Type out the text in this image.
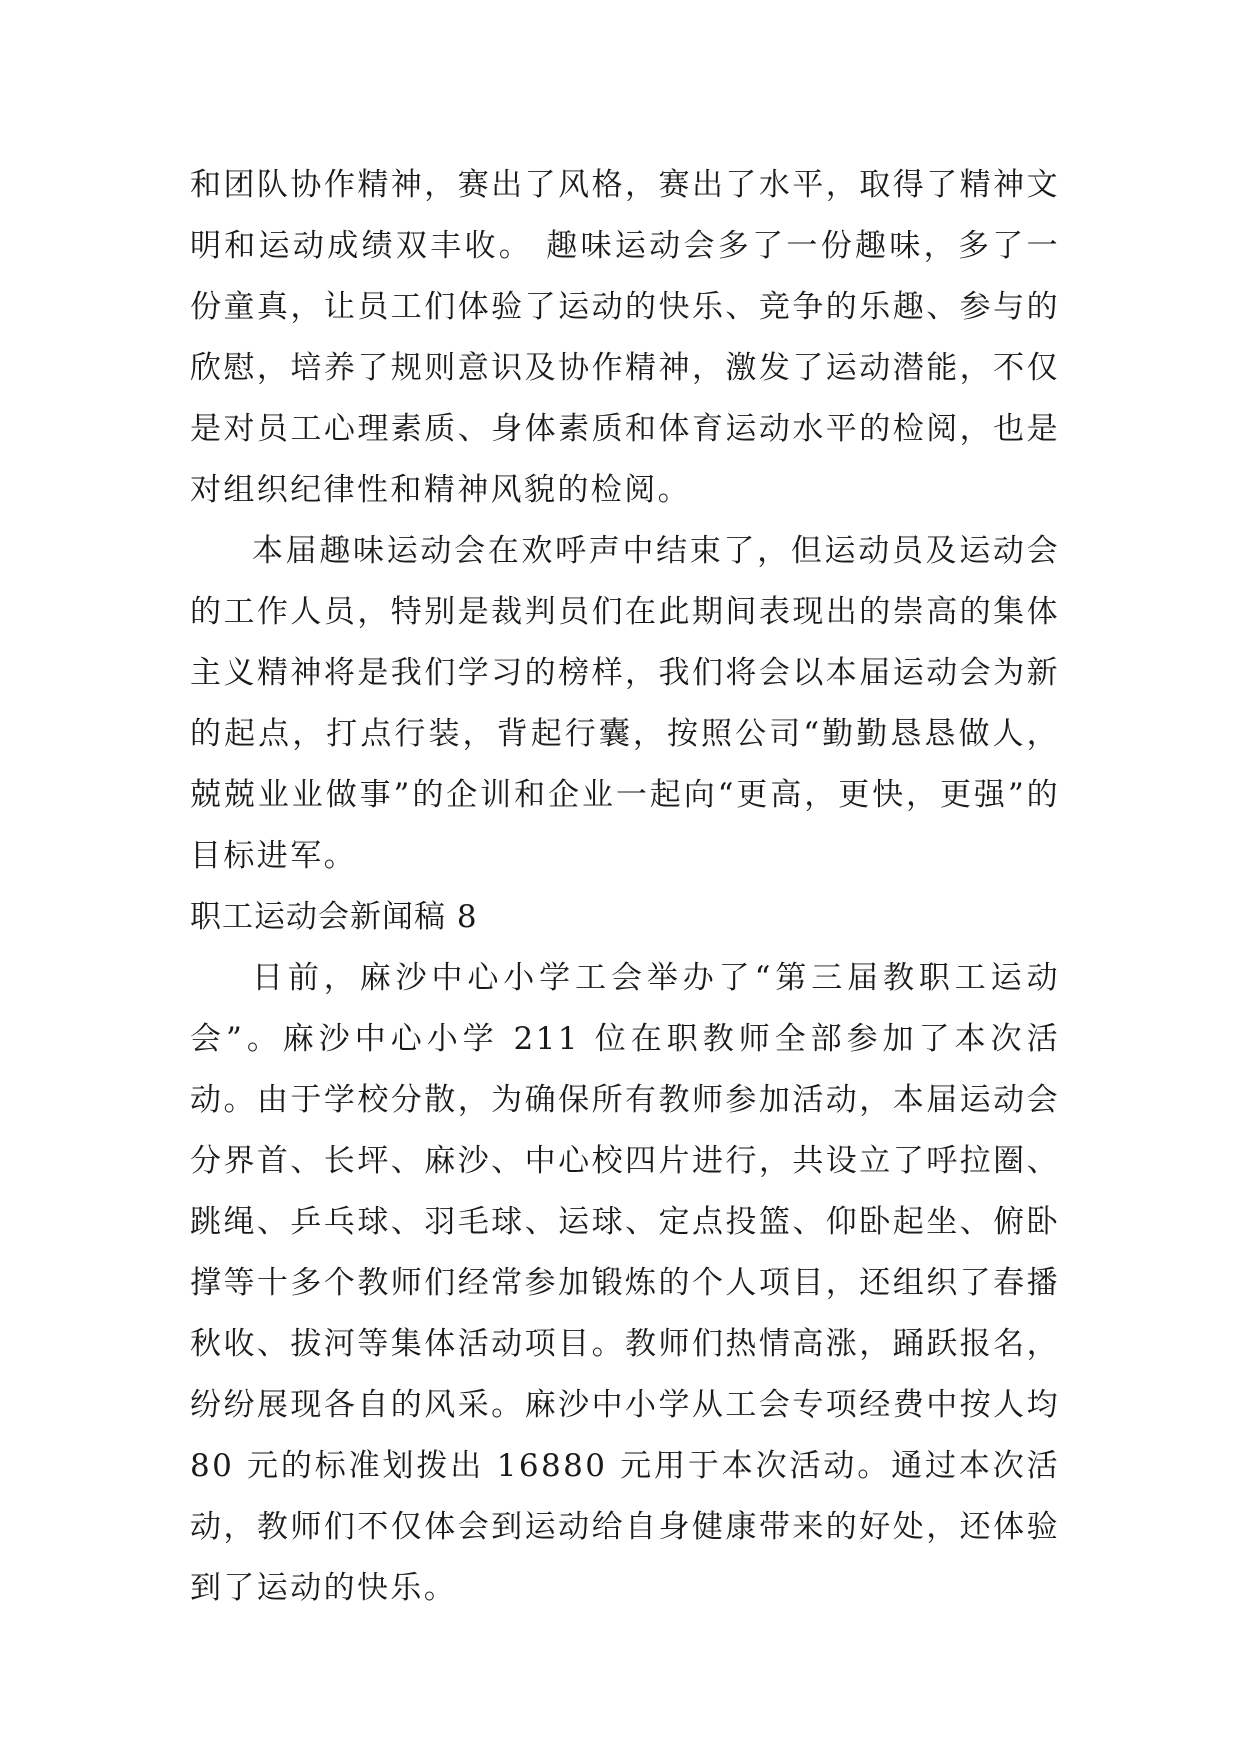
和团队协作精神，赛出了风格，赛出了水平，取得了精神文明和运动成绩双丰收。 趣味运动会多了一份趣味，多了一份童真，让员工们体验了运动的快乐、竞争的乐趣、参与的欣慰，培养了规则意识及协作精神，激发了运动潜能，不仅是对员工心理素质、身体素质和体育运动水平的检阅，也是对组织纪律性和精神风貌的检阅。

本届趣味运动会在欢呼声中结束了，但运动员及运动会的工作人员，特别是裁判员们在此期间表现出的崇高的集体主义精神将是我们学习的榜样，我们将会以本届运动会为新的起点，打点行装，背起行囊，按照公司“勤勤恳恳做人，兢兢业业做事”的企训和企业一起向“更高，更快，更强”的目标进军。

职工运动会新闻稿 8

日前，麻沙中心小学工会举办了“第三届教职工运动会”。麻沙中心小学 211 位在职教师全部参加了本次活动。由于学校分散，为确保所有教师参加活动，本届运动会分界首、长坪、麻沙、中心校四片进行，共设立了呼拉圈、跳绳、乒乓球、羽毛球、运球、定点投篮、仰卧起坐、俯卧撑等十多个教师们经常参加锻炼的个人项目，还组织了春播秋收、拔河等集体活动项目。教师们热情高涨，踊跃报名，纷纷展现各自的风采。麻沙中小学从工会专项经费中按人均 80 元的标准划拨出 16880 元用于本次活动。通过本次活动，教师们不仅体会到运动给自身健康带来的好处，还体验到了运动的快乐。
